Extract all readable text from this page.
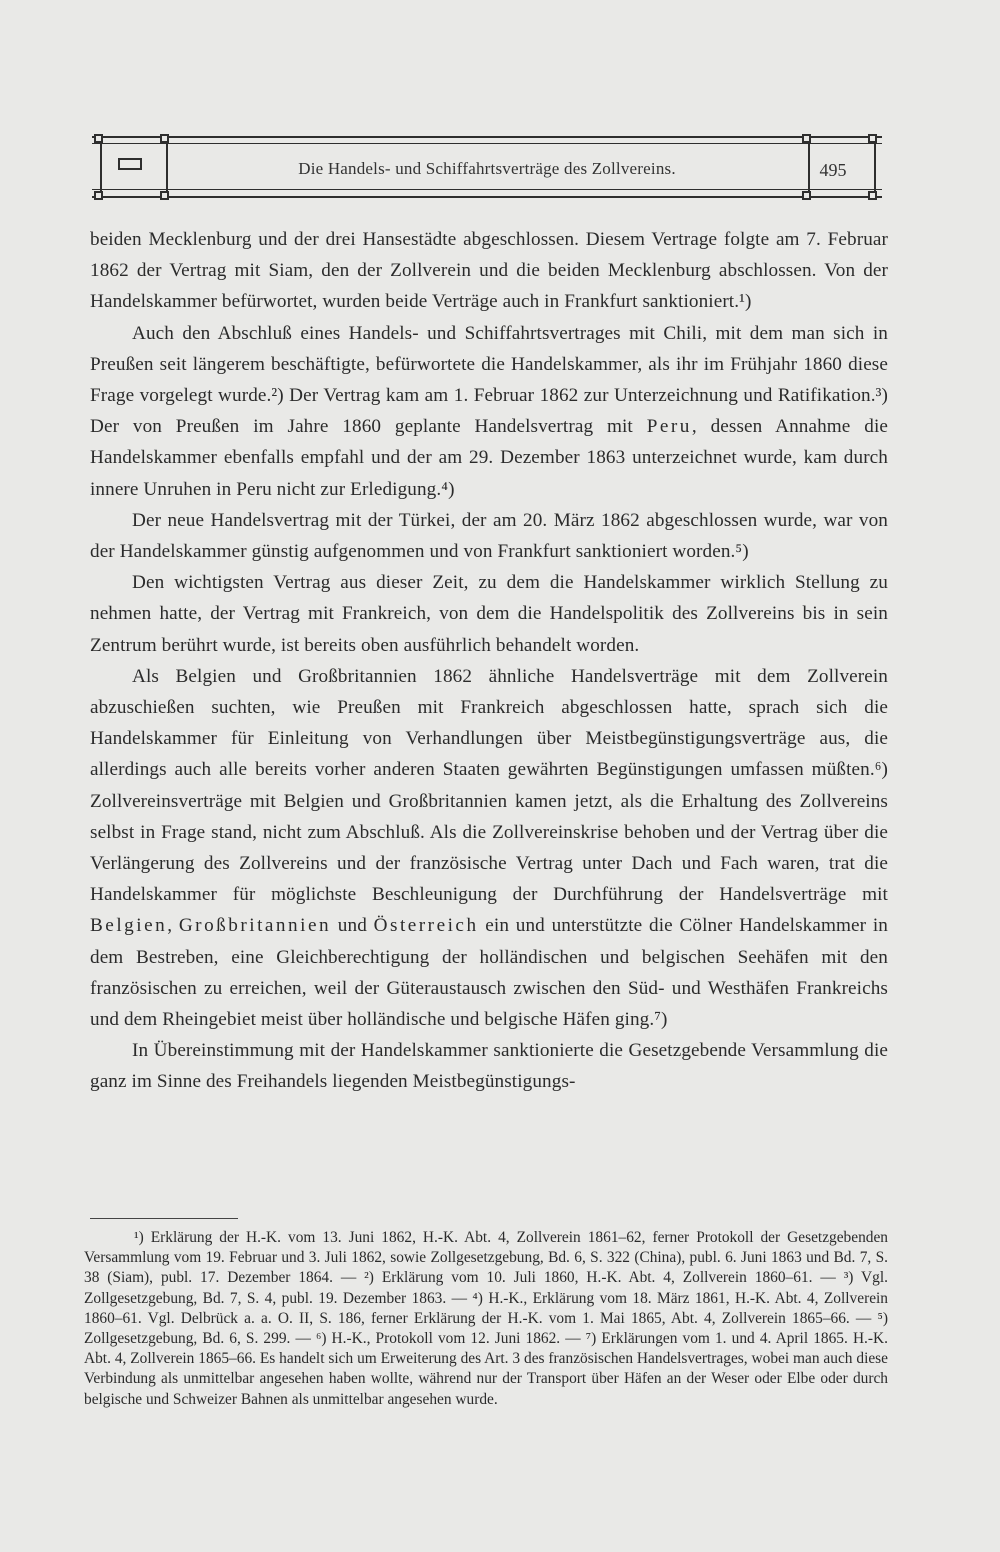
Die Handels- und Schiffahrtsverträge des Zollvereins.	495

beiden Mecklenburg und der drei Hansestädte abgeschlossen. Diesem Vertrage folgte am 7. Februar 1862 der Vertrag mit Siam, den der Zollverein und die beiden Mecklenburg abschlossen. Von der Handelskammer befürwortet, wurden beide Verträge auch in Frankfurt sanktioniert.¹)

Auch den Abschluß eines Handels- und Schiffahrtsvertrages mit Chili, mit dem man sich in Preußen seit längerem beschäftigte, befürwortete die Handelskammer, als ihr im Frühjahr 1860 diese Frage vorgelegt wurde.²) Der Vertrag kam am 1. Februar 1862 zur Unterzeichnung und Ratifikation.³) Der von Preußen im Jahre 1860 geplante Handelsvertrag mit Peru, dessen Annahme die Handelskammer ebenfalls empfahl und der am 29. Dezember 1863 unterzeichnet wurde, kam durch innere Unruhen in Peru nicht zur Erledigung.⁴)

Der neue Handelsvertrag mit der Türkei, der am 20. März 1862 abgeschlossen wurde, war von der Handelskammer günstig aufgenommen und von Frankfurt sanktioniert worden.⁵)

Den wichtigsten Vertrag aus dieser Zeit, zu dem die Handelskammer wirklich Stellung zu nehmen hatte, der Vertrag mit Frankreich, von dem die Handelspolitik des Zollvereins bis in sein Zentrum berührt wurde, ist bereits oben ausführlich behandelt worden.

Als Belgien und Großbritannien 1862 ähnliche Handelsverträge mit dem Zollverein abzuschießen suchten, wie Preußen mit Frankreich abgeschlossen hatte, sprach sich die Handelskammer für Einleitung von Verhandlungen über Meistbegünstigungsverträge aus, die allerdings auch alle bereits vorher anderen Staaten gewährten Begünstigungen umfassen müßten.⁶) Zollvereinsverträge mit Belgien und Großbritannien kamen jetzt, als die Erhaltung des Zollvereins selbst in Frage stand, nicht zum Abschluß. Als die Zollvereinskrise behoben und der Vertrag über die Verlängerung des Zollvereins und der französische Vertrag unter Dach und Fach waren, trat die Handelskammer für möglichste Beschleunigung der Durchführung der Handelsverträge mit Belgien, Großbritannien und Österreich ein und unterstützte die Cölner Handelskammer in dem Bestreben, eine Gleichberechtigung der holländischen und belgischen Seehäfen mit den französischen zu erreichen, weil der Güteraustausch zwischen den Süd- und Westhäfen Frankreichs und dem Rheingebiet meist über holländische und belgische Häfen ging.⁷)

In Übereinstimmung mit der Handelskammer sanktionierte die Gesetzgebende Versammlung die ganz im Sinne des Freihandels liegenden Meistbegünstigungs-

¹) Erklärung der H.-K. vom 13. Juni 1862, H.-K. Abt. 4, Zollverein 1861–62, ferner Protokoll der Gesetzgebenden Versammlung vom 19. Februar und 3. Juli 1862, sowie Zollgesetzgebung, Bd. 6, S. 322 (China), publ. 6. Juni 1863 und Bd. 7, S. 38 (Siam), publ. 17. Dezember 1864. — ²) Erklärung vom 10. Juli 1860, H.-K. Abt. 4, Zollverein 1860–61. — ³) Vgl. Zollgesetzgebung, Bd. 7, S. 4, publ. 19. Dezember 1863. — ⁴) H.-K., Erklärung vom 18. März 1861, H.-K. Abt. 4, Zollverein 1860–61. Vgl. Delbrück a. a. O. II, S. 186, ferner Erklärung der H.-K. vom 1. Mai 1865, Abt. 4, Zollverein 1865–66. — ⁵) Zollgesetzgebung, Bd. 6, S. 299. — ⁶) H.-K., Protokoll vom 12. Juni 1862. — ⁷) Erklärungen vom 1. und 4. April 1865. H.-K. Abt. 4, Zollverein 1865–66. Es handelt sich um Erweiterung des Art. 3 des französischen Handelsvertrages, wobei man auch diese Verbindung als unmittelbar angesehen haben wollte, während nur der Transport über Häfen an der Weser oder Elbe oder durch belgische und Schweizer Bahnen als unmittelbar angesehen wurde.
